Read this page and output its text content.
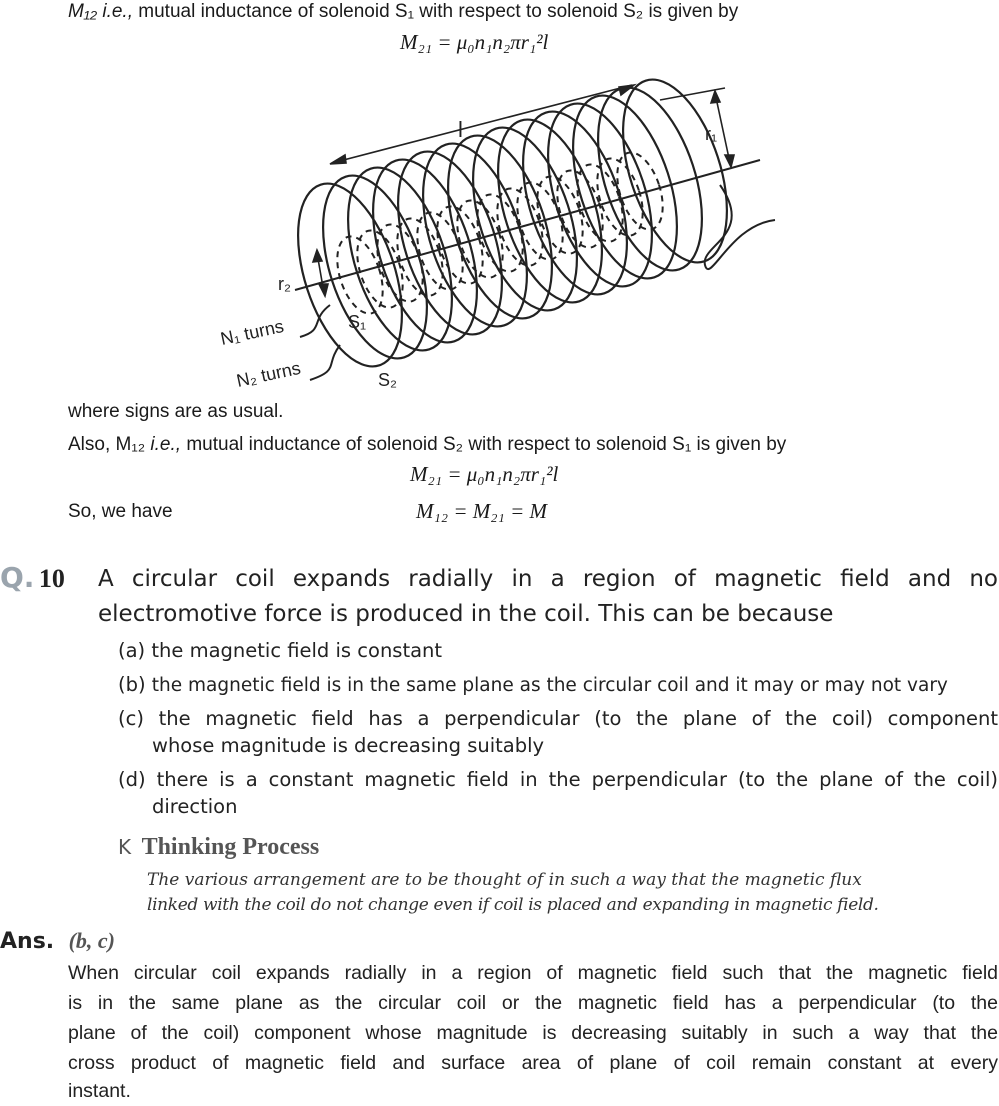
M₁₂ i.e., mutual inductance of solenoid S₁ with respect to solenoid S₂ is given by
M₂₁ = μ₀n₁n₂πr₁²l
l	r₁
r₂
N₁ turns
N₂ turns
S₁
S₂
where signs are as usual.
Also, M₁₂ i.e., mutual inductance of solenoid S₂ with respect to solenoid S₁ is given by
M₂₁ = μ₀n₁n₂πr₁²l
So, we have	M₁₂ = M₂₁ = M
Q. 10 A circular coil expands radially in a region of magnetic field and no
electromotive force is produced in the coil. This can be because
(a) the magnetic field is constant
(b) the magnetic field is in the same plane as the circular coil and it may or may not vary
(c) the magnetic field has a perpendicular (to the plane of the coil) component
whose magnitude is decreasing suitably
(d) there is a constant magnetic field in the perpendicular (to the plane of the coil)
direction
K Thinking Process
The various arrangement are to be thought of in such a way that the magnetic flux
linked with the coil do not change even if coil is placed and expanding in magnetic field.
Ans. (b, c)
When circular coil expands radially in a region of magnetic field such that the magnetic field
is in the same plane as the circular coil or the magnetic field has a perpendicular (to the
plane of the coil) component whose magnitude is decreasing suitably in such a way that the
cross product of magnetic field and surface area of plane of coil remain constant at every
instant.
